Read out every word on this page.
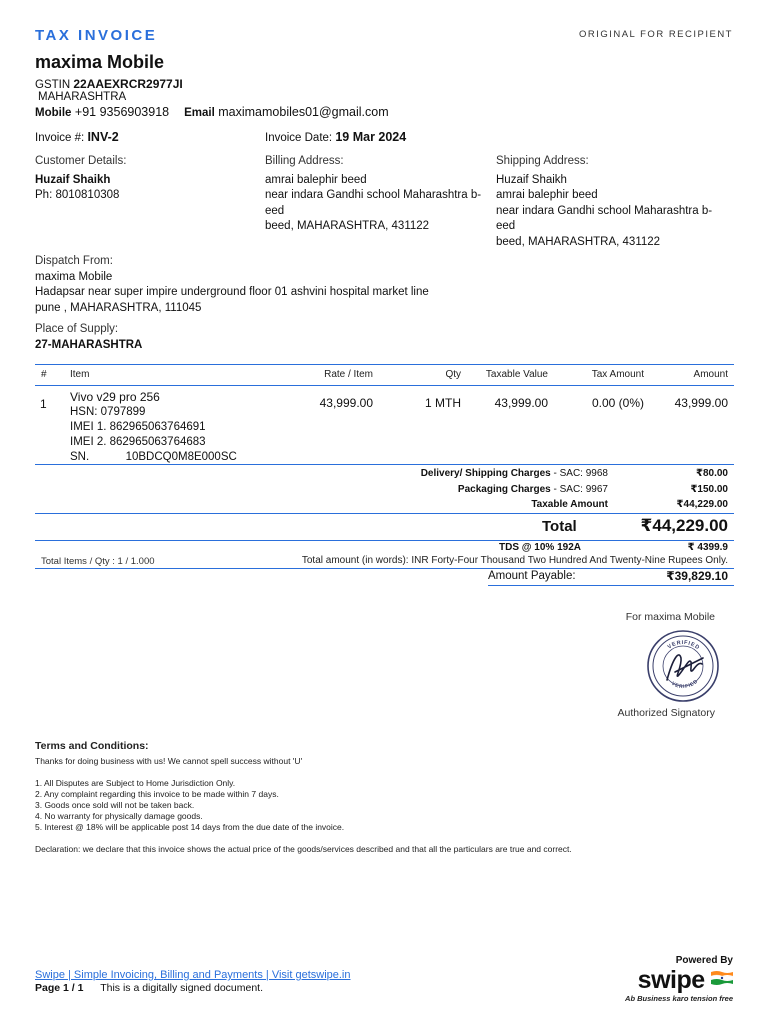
TAX INVOICE	ORIGINAL FOR RECIPIENT
maxima Mobile
GSTIN 22AAEXRCR2977JI
MAHARASHTRA
Mobile +91 9356903918 Email maximamobiles01@gmail.com
Invoice #: INV-2	Invoice Date: 19 Mar 2024
Customer Details:
Huzaif Shaikh
Ph: 8010810308
Billing Address:
amrai balephir beed
near indara Gandhi school Maharashtra b-
eed
beed, MAHARASHTRA, 431122
Shipping Address:
Huzaif Shaikh
amrai balephir beed
near indara Gandhi school Maharashtra b-
eed
beed, MAHARASHTRA, 431122
Dispatch From:
maxima Mobile
Hadapsar near super impire underground floor 01 ashvini hospital market line
pune , MAHARASHTRA, 111045
Place of Supply:
27-MAHARASHTRA
# Item	Rate / Item	Qty Taxable Value	Tax Amount	Amount
1 Vivo v29 pro 256
HSN: 0797899
IMEI 1. 862965063764691
IMEI 2. 862965063764683
SN.	10BDCQ0M8E000SC
43,999.00	1 MTH	43,999.00	0.00 (0%)	43,999.00
Delivery/ Shipping Charges - SAC: 9968	₹80.00
Packaging Charges - SAC: 9967	₹150.00
Taxable Amount	₹44,229.00
Total	₹44,229.00
TDS @ 10% 192A	₹ 4399.9
Total Items / Qty : 1 / 1.000	Total amount (in words): INR Forty-Four Thousand Two Hundred And Twenty-Nine Rupees Only.
Amount Payable:	₹39,829.10
For maxima Mobile
VERIFIED
VERIFIED
Authorized Signatory
Terms and Conditions:
Thanks for doing business with us! We cannot spell success without 'U'
1. All Disputes are Subject to Home Jurisdiction Only.
2. Any complaint regarding this invoice to be made within 7 days.
3. Goods once sold will not be taken back.
4. No warranty for physically damage goods.
5. Interest @ 18% will be applicable post 14 days from the due date of the invoice.
Declaration: we declare that this invoice shows the actual price of the goods/services described and that all the particulars are true and correct.
Powered By
swipe
Ab Business karo tension free
Swipe | Simple Invoicing, Billing and Payments | Visit getswipe.in
Page 1 / 1 This is a digitally signed document.
